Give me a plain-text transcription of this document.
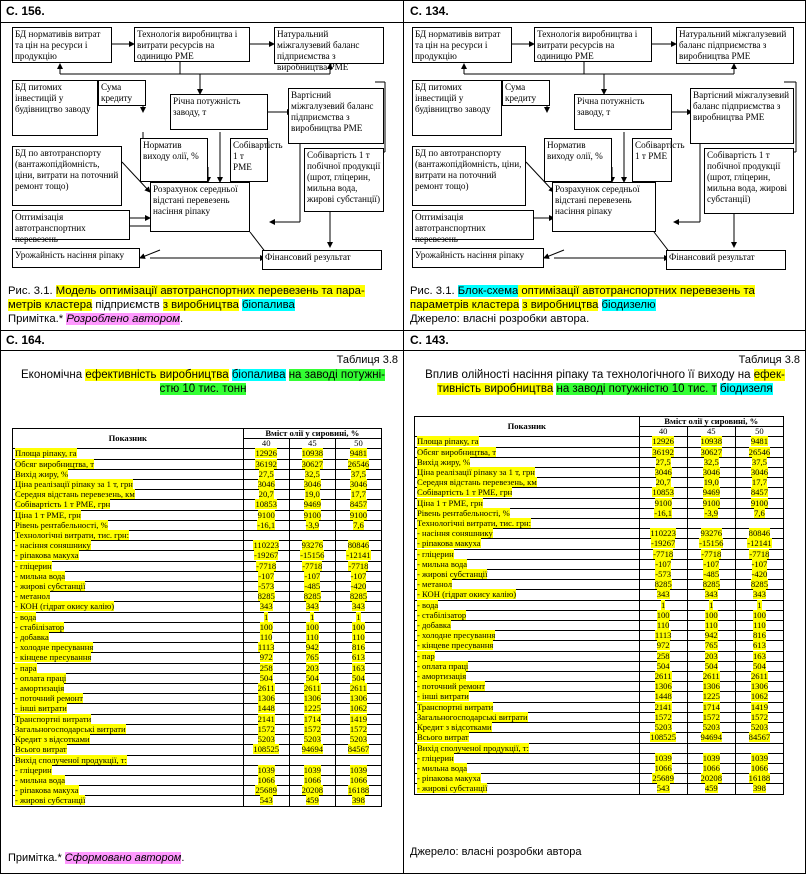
С. 156.	С. 134.
С. 164.	С. 143.
БД нормативів витрат та цін на ресурси і продукцію
Технологія виробництва і витрати ресурсів на одиницю РМЕ
Натуральний міжгалузевий баланс підприємства з виробництва РМЕ
БД питомих інвестицій у будівництво заводу
Сума кредиту	Річна потужність заводу, т
Вартісний міжгалузевий баланс підприємства з виробництва РМЕ
Норматив виходу олії, %
Собівартість 1 т РМЕ
БД по автотранспорту (вантажопідйомність, ціни, витрати на поточний ремонт тощо)
Собівартість 1 т побічної продукції (шрот, гліцерин, мильна вода, жирові субстанції)
Розрахунок середньої відстані перевезень насіння ріпаку
Оптимізація автотранспортних перевезень
Урожайність насіння ріпаку	Фінансовий результат
БД нормативів витрат та цін на ресурси і продукцію
Технологія виробництва і витрати ресурсів на одиницю РМЕ
Натуральний міжгалузевий баланс підприємства з виробництва РМЕ
БД питомих інвестицій у будівництво заводу
Сума кредиту	Річна потужність заводу, т
Вартісний міжгалузевий баланс підприємства з виробництва РМЕ
Норматив виходу олії, %
Собівартість 1 т РМЕ
БД по автотранспорту (вантажопідйомність, ціни, витрати на поточний ремонт тощо)
Собівартість 1 т побічної продукції (шрот, гліцерин, мильна вода, жирові субстанції)
Розрахунок середньої відстані перевезень насіння ріпаку
Оптимізація автотранспортних перевезень
Урожайність насіння ріпаку	Фінансовий результат
Рис. 3.1. Модель оптимізації автотранспортних перевезень та пара-
метрів кластера підприємств з виробництва біопалива
Примітка.* Розроблено автором.
Рис. 3.1. Блок-схема оптимізації автотранспортних перевезень та
параметрів кластера з виробництва біодизелю
Джерело: власні розробки автора.
Таблиця 3.8
Економічна ефективність виробництва біопалива на заводі потужні-
стю 10 тис. тонн
Показник	Вміст олії у сировині, %		
	40	45	50
Площа ріпаку, га	12926	10938	9481
Обсяг виробництва, т	36192	30627	26546
Вихід жиру, %	27,5	32,5	37,5
Ціна реалізації ріпаку за 1 т, грн	3046	3046	3046
Середня відстань перевезень, км	20,7	19,0	17,7
Собівартість 1 т РМЕ, грн	10853	9469	8457
Ціна 1 т РМЕ, грн	9100	9100	9100
Рівень рентабельності, %	-16,1	-3,9	7,6
Технологічні витрати, тис. грн:			
- насіння соняшнику	110223	93276	80846
- ріпакова макуха	-19267	-15156	-12141
- гліцерин	-7718	-7718	-7718
- мильна вода	-107	-107	-107
- жирові субстанції	-573	-485	-420
- метанол	8285	8285	8285
- КОН (гідрат окису калію)	343	343	343
- вода	1	1	1
- стабілізатор	100	100	100
- добавка	110	110	110
- холодне пресування	1113	942	816
- кінцеве пресування	972	765	613
- пара	258	203	163
- оплата праці	504	504	504
- амортизація	2611	2611	2611
- поточний ремонт	1306	1306	1306
- інші витрати	1448	1225	1062
Транспортні витрати	2141	1714	1419
Загальногосподарські витрати	1572	1572	1572
Кредит з відсотками	5203	5203	5203
Всього витрат	108525	94694	84567
Вихід сполученої продукції, т:			
- гліцерин	1039	1039	1039
- мильна вода	1066	1066	1066
- ріпакова макуха	25689	20208	16188
- жирові субстанції	543	459	398
Примітка.* Сформовано автором.
Таблиця 3.8
Вплив олійності насіння ріпаку та технологічного її виходу на ефек-
тивність виробництва на заводі потужністю 10 тис. т біодизеля
Показник	Вміст олії у сировині, %		
	40	45	50
Площа ріпаку, га	12926	10938	9481
Обсяг виробництва, т	36192	30627	26546
Вихід жиру, %	27,5	32,5	37,5
Ціна реалізації ріпаку за 1 т, грн	3046	3046	3046
Середня відстань перевезень, км	20,7	19,0	17,7
Собівартість 1 т РМЕ, грн	10853	9469	8457
Ціна 1 т РМЕ, грн	9100	9100	9100
Рівень рентабельності, %	-16,1	-3,9	7,6
Технологічні витрати, тис. грн:			
- насіння соняшнику	110223	93276	80846
- ріпакова макуха	-19267	-15156	-12141
- гліцерин	-7718	-7718	-7718
- мильна вода	-107	-107	-107
- жирові субстанції	-573	-485	-420
- метанол	8285	8285	8285
- КОН (гідрат окису калію)	343	343	343
- вода	1	1	1
- стабілізатор	100	100	100
- добавка	110	110	110
- холодне пресування	1113	942	816
- кінцеве пресування	972	765	613
- пар	258	203	163
- оплата праці	504	504	504
- амортизація	2611	2611	2611
- поточний ремонт	1306	1306	1306
- інші витрати	1448	1225	1062
Транспортні витрати	2141	1714	1419
Загальногосподарські витрати	1572	1572	1572
Кредит з відсотками	5203	5203	5203
Всього витрат	108525	94694	84567
Вихід сполученої продукції, т:			
- гліцерин	1039	1039	1039
- мильна вода	1066	1066	1066
- ріпакова макуха	25689	20208	16188
- жирові субстанції	543	459	398
Джерело: власні розробки автора
